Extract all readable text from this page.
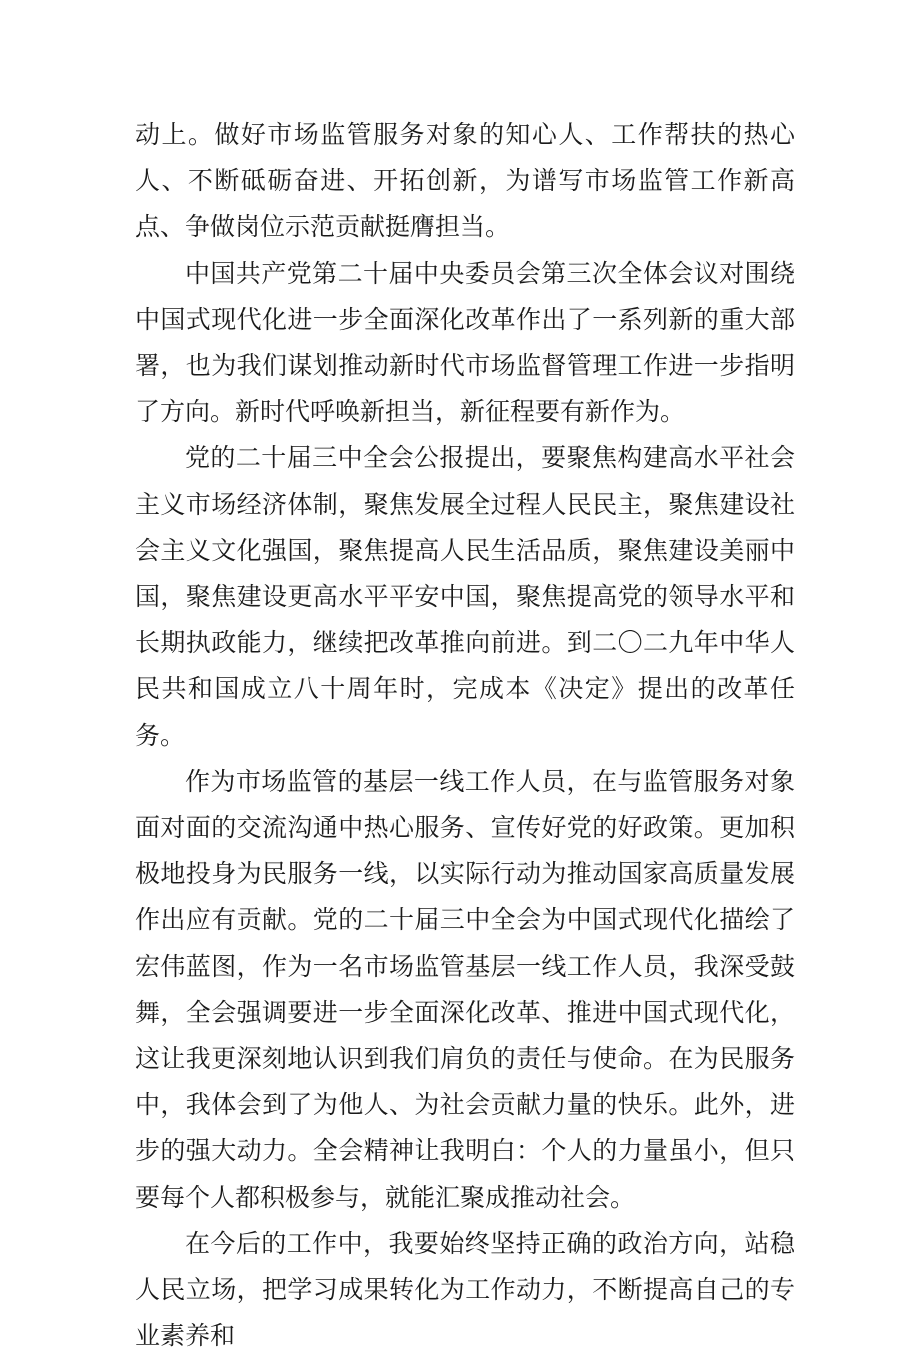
动上。做好市场监管服务对象的知心人、工作帮扶的热心人、不断砥砺奋进、开拓创新，为谱写市场监管工作新高点、争做岗位示范贡献挺膺担当。

中国共产党第二十届中央委员会第三次全体会议对围绕中国式现代化进一步全面深化改革作出了一系列新的重大部署，也为我们谋划推动新时代市场监督管理工作进一步指明了方向。新时代呼唤新担当，新征程要有新作为。

党的二十届三中全会公报提出，要聚焦构建高水平社会主义市场经济体制，聚焦发展全过程人民民主，聚焦建设社会主义文化强国，聚焦提高人民生活品质，聚焦建设美丽中国，聚焦建设更高水平平安中国，聚焦提高党的领导水平和长期执政能力，继续把改革推向前进。到二〇二九年中华人民共和国成立八十周年时，完成本《决定》提出的改革任务。

作为市场监管的基层一线工作人员，在与监管服务对象面对面的交流沟通中热心服务、宣传好党的好政策。更加积极地投身为民服务一线，以实际行动为推动国家高质量发展作出应有贡献。党的二十届三中全会为中国式现代化描绘了宏伟蓝图，作为一名市场监管基层一线工作人员，我深受鼓舞，全会强调要进一步全面深化改革、推进中国式现代化，这让我更深刻地认识到我们肩负的责任与使命。在为民服务中，我体会到了为他人、为社会贡献力量的快乐。此外，进步的强大动力。全会精神让我明白：个人的力量虽小，但只要每个人都积极参与，就能汇聚成推动社会。

在今后的工作中，我要始终坚持正确的政治方向，站稳人民立场，把学习成果转化为工作动力，不断提高自己的专业素养和
